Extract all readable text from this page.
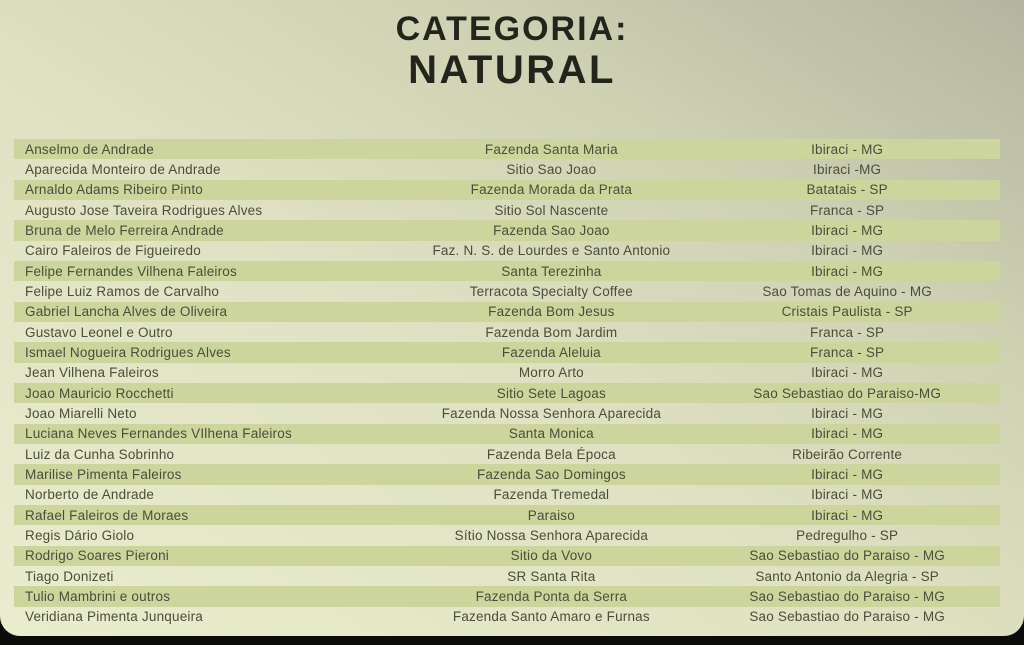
CATEGORIA:
NATURAL
Anselmo de Andrade	Fazenda Santa Maria	Ibiraci - MG
Aparecida Monteiro de Andrade	Sitio Sao Joao	Ibiraci -MG
Arnaldo Adams Ribeiro Pinto	Fazenda Morada da Prata	Batatais - SP
Augusto Jose Taveira Rodrigues Alves	Sitio Sol Nascente	Franca - SP
Bruna de Melo Ferreira Andrade	Fazenda Sao Joao	Ibiraci - MG
Cairo Faleiros de Figueiredo	Faz. N. S. de Lourdes e Santo Antonio	Ibiraci - MG
Felipe Fernandes Vilhena Faleiros	Santa Terezinha	Ibiraci - MG
Felipe Luiz Ramos de Carvalho	Terracota Specialty Coffee	Sao Tomas de Aquino - MG
Gabriel Lancha Alves de Oliveira	Fazenda Bom Jesus	Cristais Paulista - SP
Gustavo Leonel e Outro	Fazenda Bom Jardim	Franca - SP
Ismael Nogueira Rodrigues Alves	Fazenda Aleluia	Franca - SP
Jean Vilhena Faleiros	Morro Arto	Ibiraci - MG
Joao Mauricio Rocchetti	Sitio Sete Lagoas	Sao Sebastiao do Paraiso-MG
Joao Miarelli Neto	Fazenda Nossa Senhora Aparecida	Ibiraci - MG
Luciana Neves Fernandes VIlhena Faleiros	Santa Monica	Ibiraci - MG
Luiz da Cunha Sobrinho	Fazenda Bela Época	Ribeirão Corrente
Marilise Pimenta Faleiros	Fazenda Sao Domingos	Ibiraci - MG
Norberto de Andrade	Fazenda Tremedal	Ibiraci - MG
Rafael Faleiros de Moraes	Paraiso	Ibiraci - MG
Regis Dário Giolo	Sítio Nossa Senhora Aparecida	Pedregulho - SP
Rodrigo Soares Pieroni	Sitio da Vovo	Sao Sebastiao do Paraiso - MG
Tiago Donizeti	SR Santa Rita	Santo Antonio da Alegria - SP
Tulio Mambrini e outros	Fazenda Ponta da Serra	Sao Sebastiao do Paraiso - MG
Veridiana Pimenta Junqueira	Fazenda Santo Amaro e Furnas	Sao Sebastiao do Paraiso - MG
